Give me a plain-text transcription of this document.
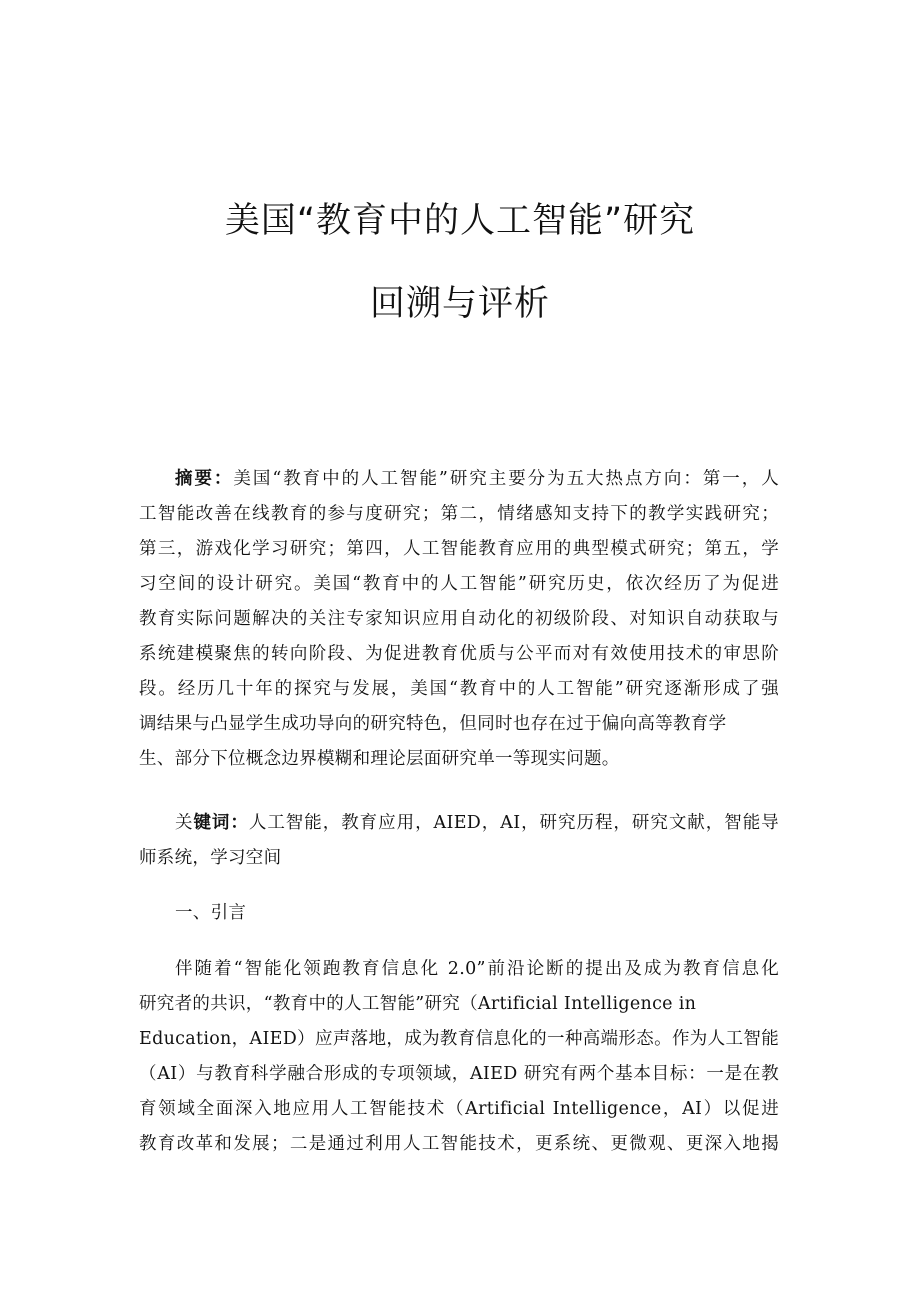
美国“教育中的人工智能”研究
回溯与评析
摘要：美国“教育中的人工智能”研究主要分为五大热点方向：第一，人
工智能改善在线教育的参与度研究；第二，情绪感知支持下的教学实践研究；
第三，游戏化学习研究；第四，人工智能教育应用的典型模式研究；第五，学
习空间的设计研究。美国“教育中的人工智能”研究历史，依次经历了为促进
教育实际问题解决的关注专家知识应用自动化的初级阶段、对知识自动获取与
系统建模聚焦的转向阶段、为促进教育优质与公平而对有效使用技术的审思阶
段。经历几十年的探究与发展，美国“教育中的人工智能”研究逐渐形成了强
调结果与凸显学生成功导向的研究特色，但同时也存在过于偏向高等教育学
生、部分下位概念边界模糊和理论层面研究单一等现实问题。
关键词：人工智能，教育应用，AIED，AI，研究历程，研究文献，智能导
师系统，学习空间
一、引言
伴随着“智能化领跑教育信息化 2.0”前沿论断的提出及成为教育信息化
研究者的共识，“教育中的人工智能”研究（Artificial Intelligence in
Education，AIED）应声落地，成为教育信息化的一种高端形态。作为人工智能
（AI）与教育科学融合形成的专项领域，AIED 研究有两个基本目标：一是在教
育领域全面深入地应用人工智能技术（Artificial Intelligence，AI）以促进
教育改革和发展；二是通过利用人工智能技术，更系统、更微观、更深入地揭
